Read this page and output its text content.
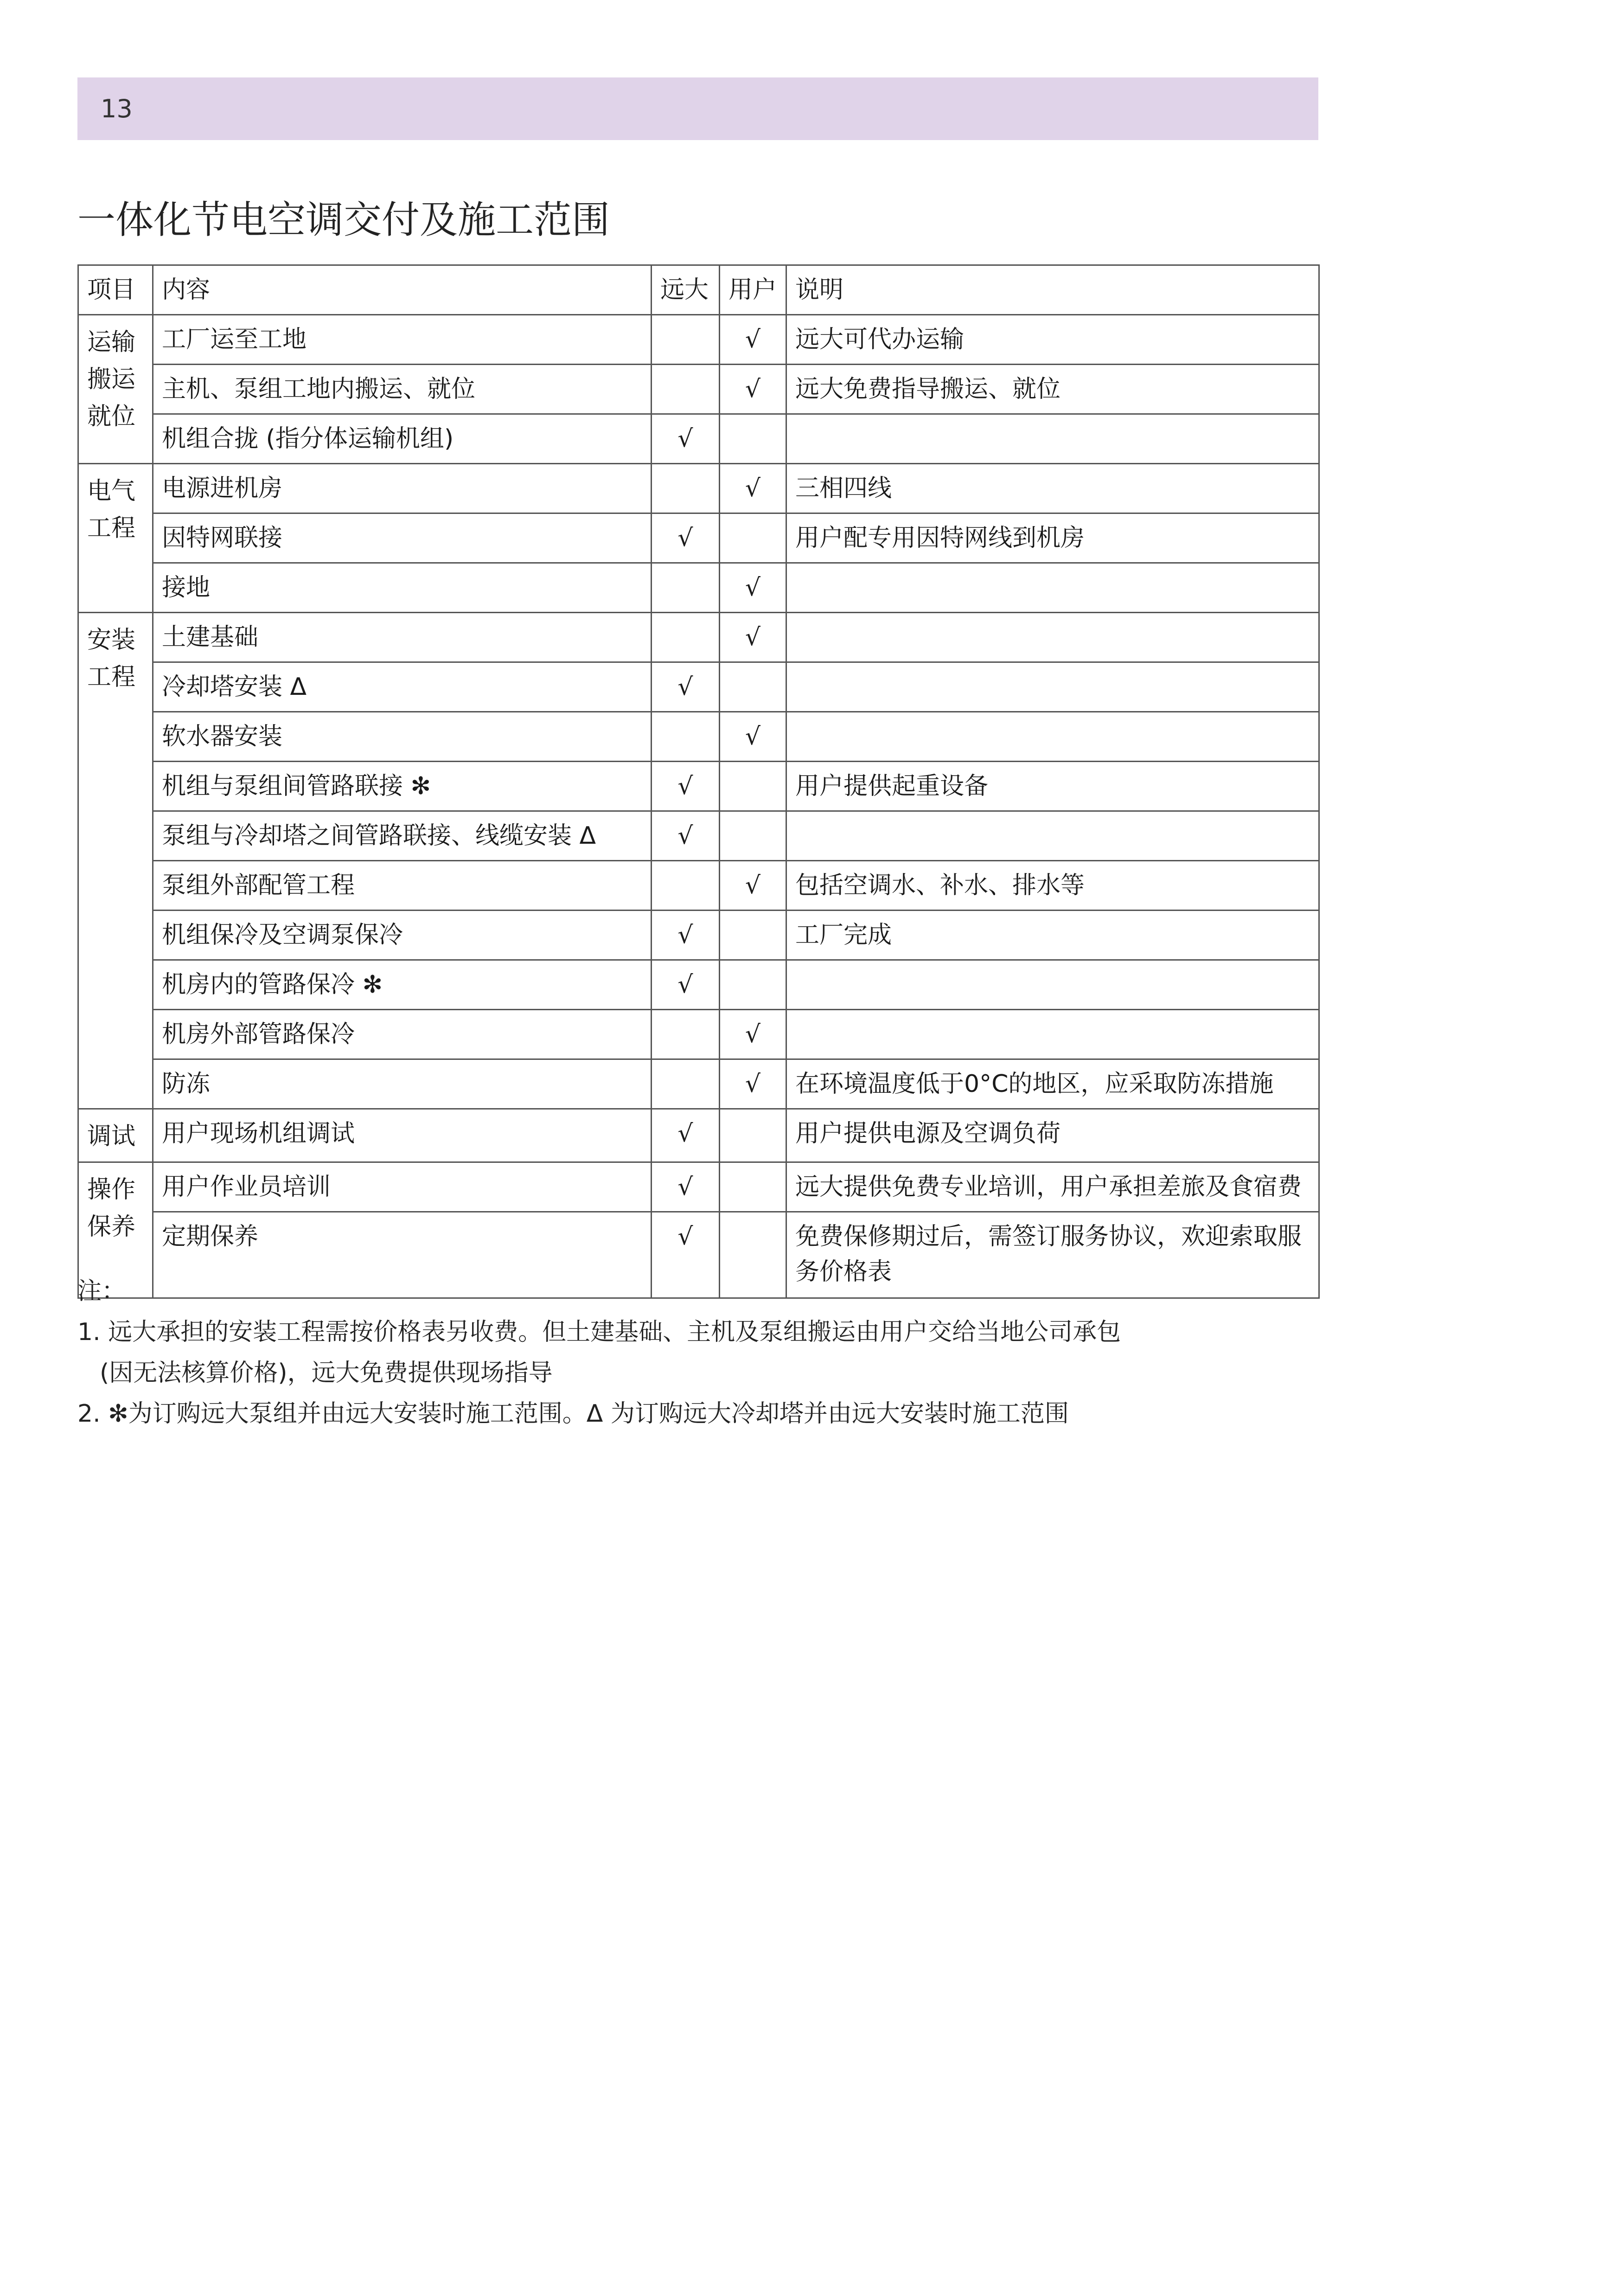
13
一体化节电空调交付及施工范围
项目	内容	远大	用户	说明
运输搬运就位	工厂运至工地		√	远大可代办运输
	主机、泵组工地内搬运、就位		√	远大免费指导搬运、就位
	机组合拢 (指分体运输机组)	√		
电气工程	电源进机房		√	三相四线
	因特网联接	√		用户配专用因特网线到机房
	接地		√	
安装工程	土建基础		√	
	冷却塔安装 Δ	√		
	软水器安装		√	
	机组与泵组间管路联接 ✻	√		用户提供起重设备
	泵组与冷却塔之间管路联接、线缆安装 Δ	√		
	泵组外部配管工程		√	包括空调水、补水、排水等
	机组保冷及空调泵保冷	√		工厂完成
	机房内的管路保冷 ✻	√		
	机房外部管路保冷		√	
	防冻		√	在环境温度低于0°C的地区，应采取防冻措施
调试	用户现场机组调试	√		用户提供电源及空调负荷
操作保养	用户作业员培训	√		远大提供免费专业培训，用户承担差旅及食宿费
	定期保养	√		免费保修期过后，需签订服务协议，欢迎索取服务价格表
注：
1. 远大承担的安装工程需按价格表另收费。但土建基础、主机及泵组搬运由用户交给当地公司承包
(因无法核算价格)，远大免费提供现场指导
2. ✻为订购远大泵组并由远大安装时施工范围。Δ 为订购远大冷却塔并由远大安装时施工范围
